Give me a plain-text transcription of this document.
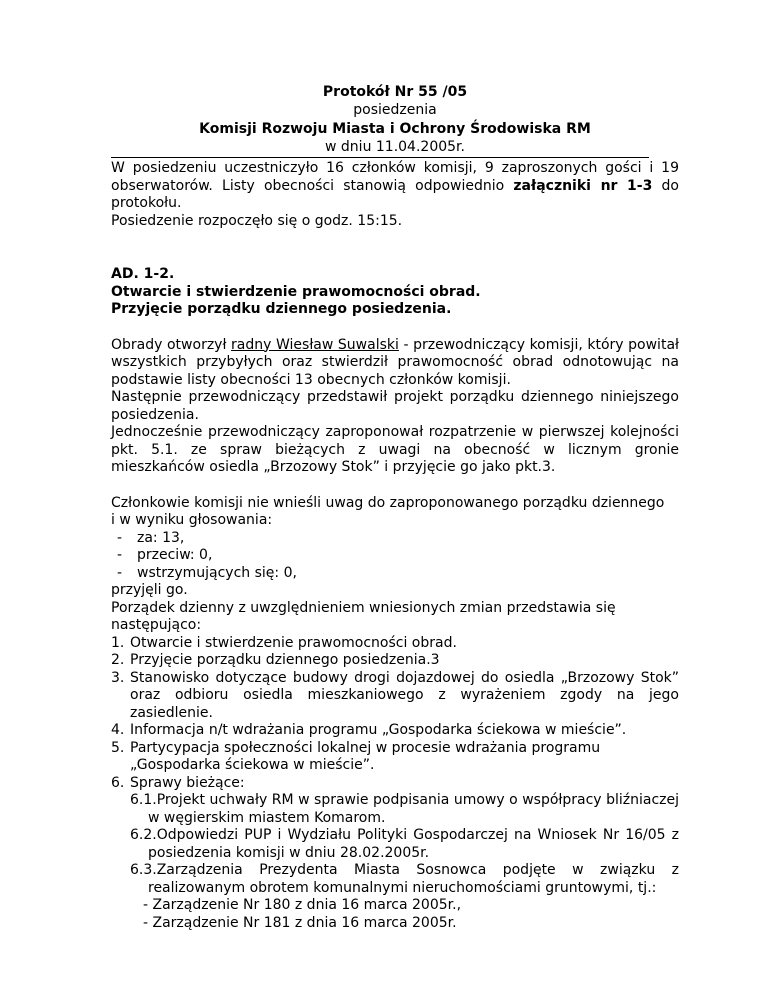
Protokół Nr 55 /05
posiedzenia
Komisji Rozwoju Miasta i Ochrony Środowiska RM
w dniu 11.04.2005r.
W posiedzeniu uczestniczyło 16 członków komisji, 9 zaproszonych gości i 19 obserwatorów. Listy obecności stanowią odpowiednio załączniki nr 1-3 do protokołu.
Posiedzenie rozpoczęło się o godz. 15:15.
AD. 1-2.
Otwarcie i stwierdzenie prawomocności obrad.
Przyjęcie porządku dziennego posiedzenia.
Obrady otworzył radny Wiesław Suwalski - przewodniczący komisji, który powitał wszystkich przybyłych oraz stwierdził prawomocność obrad odnotowując na podstawie listy obecności 13 obecnych członków komisji.
Następnie przewodniczący przedstawił projekt porządku dziennego niniejszego posiedzenia.
Jednocześnie przewodniczący zaproponował rozpatrzenie w pierwszej kolejności pkt. 5.1. ze spraw bieżących z uwagi na obecność w licznym gronie mieszkańców osiedla „Brzozowy Stok” i przyjęcie go jako pkt.3.
Członkowie komisji nie wnieśli uwag do zaproponowanego porządku dziennego
i w wyniku głosowania:
- za: 13,
- przeciw: 0,
- wstrzymujących się: 0,
przyjęli go.
Porządek dzienny z uwzględnieniem wniesionych zmian przedstawia się następująco:
1. Otwarcie i stwierdzenie prawomocności obrad.
2. Przyjęcie porządku dziennego posiedzenia.3
3. Stanowisko dotyczące budowy drogi dojazdowej do osiedla „Brzozowy Stok” oraz odbioru osiedla mieszkaniowego z wyrażeniem zgody na jego zasiedlenie.
4. Informacja n/t wdrażania programu „Gospodarka ściekowa w mieście”.
5. Partycypacja społeczności lokalnej w procesie wdrażania programu „Gospodarka ściekowa w mieście”.
6. Sprawy bieżące:
6.1.Projekt uchwały RM w sprawie podpisania umowy o współpracy bliźniaczej w węgierskim miastem Komarom.
6.2.Odpowiedzi PUP i Wydziału Polityki Gospodarczej na Wniosek Nr 16/05 z posiedzenia komisji w dniu 28.02.2005r.
6.3.Zarządzenia Prezydenta Miasta Sosnowca podjęte w związku z realizowanym obrotem komunalnymi nieruchomościami gruntowymi, tj.:
- Zarządzenie Nr 180 z dnia 16 marca 2005r.,
- Zarządzenie Nr 181 z dnia 16 marca 2005r.
